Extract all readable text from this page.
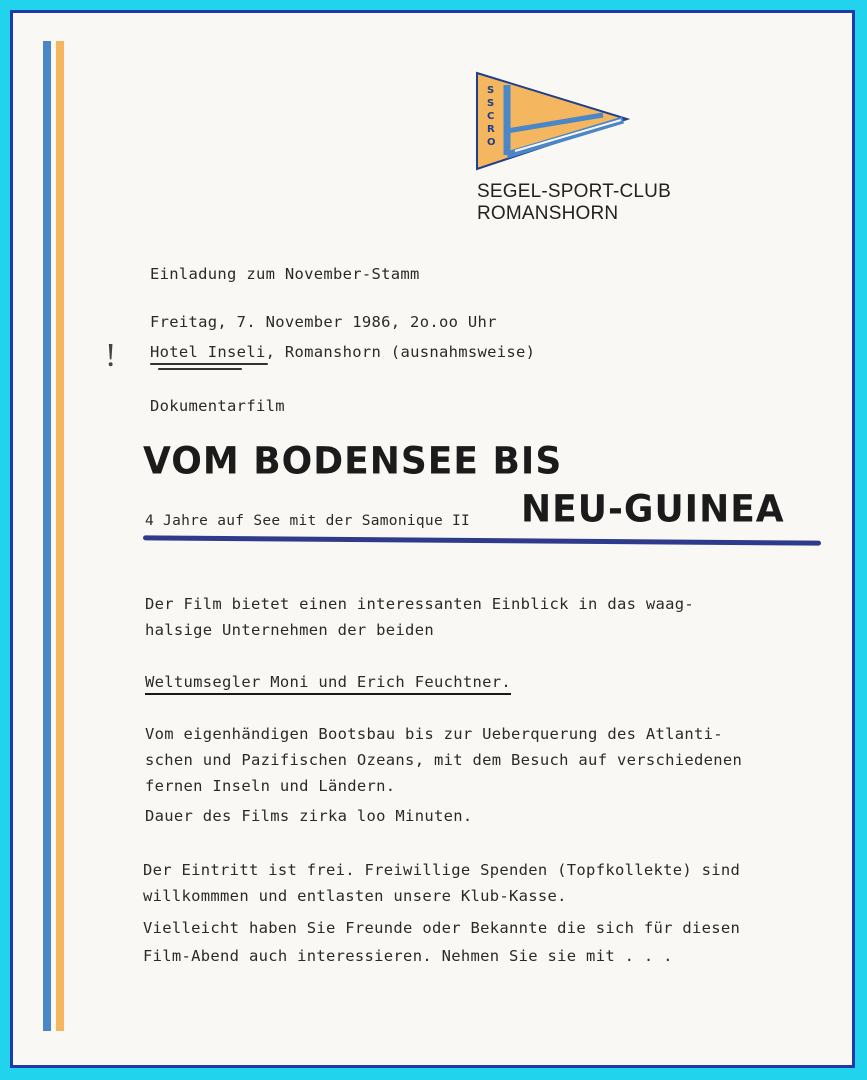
S S C R O
SEGEL-SPORT-CLUB
ROMANSHORN
Einladung zum November-Stamm
Freitag, 7. November 1986, 2o.oo Uhr
Hotel Inseli, Romanshorn (ausnahmsweise)
!
Dokumentarfilm
VOM BODENSEE BIS
NEU-GUINEA
4 Jahre auf See mit der Samonique II
Der Film bietet einen interessanten Einblick in das waag-
halsige Unternehmen der beiden
Weltumsegler Moni und Erich Feuchtner.
Vom eigenhändigen Bootsbau bis zur Ueberquerung des Atlanti-
schen und Pazifischen Ozeans, mit dem Besuch auf verschiedenen
fernen Inseln und Ländern.
Dauer des Films zirka loo Minuten.
Der Eintritt ist frei. Freiwillige Spenden (Topfkollekte) sind
willkommmen und entlasten unsere Klub-Kasse.
Vielleicht haben Sie Freunde oder Bekannte die sich für diesen
Film-Abend auch interessieren. Nehmen Sie sie mit . . .
